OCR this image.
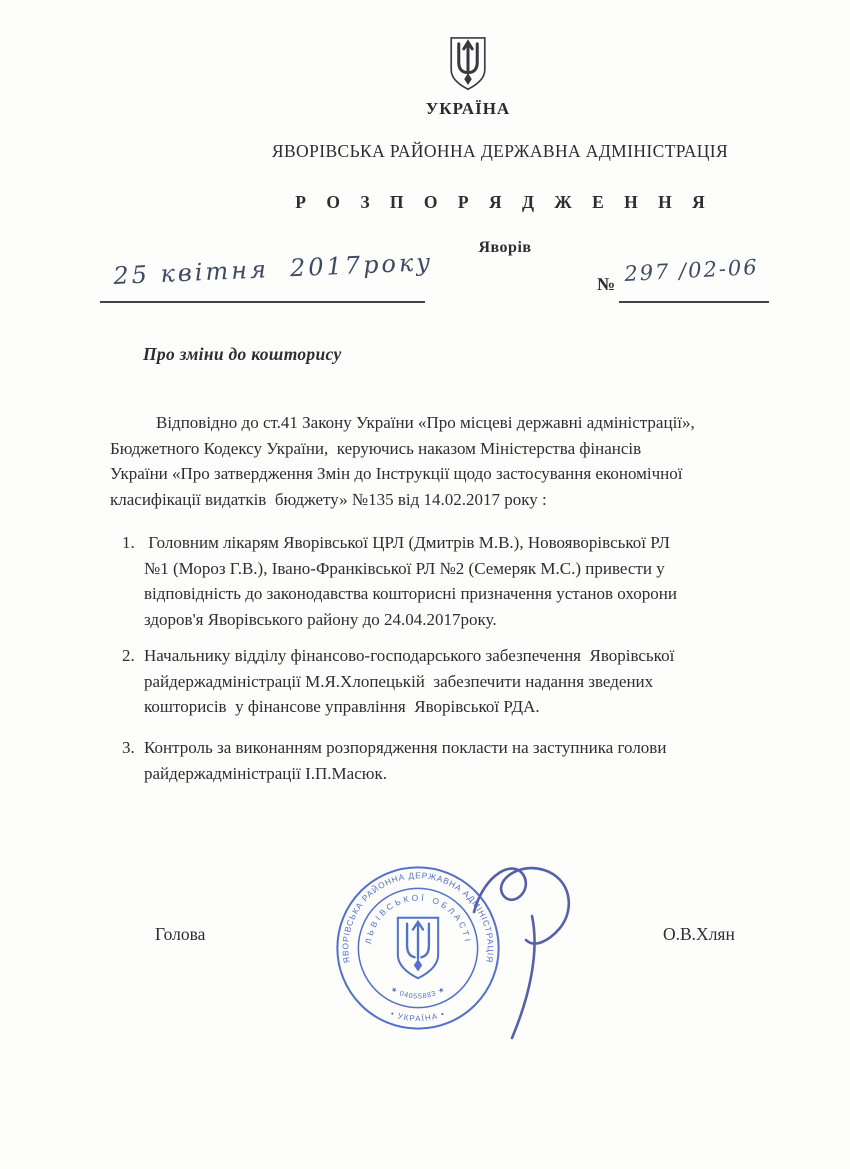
УКРАЇНА
ЯВОРІВСЬКА РАЙОННА ДЕРЖАВНА АДМІНІСТРАЦІЯ
Р О З П О Р Я Д Ж Е Н Н Я
Яворів
25 квітня  2017року	№ 297 /02-06
Про зміни до кошторису
Відповідно до ст.41 Закону України «Про місцеві державні адміністрації»,
Бюджетного Кодексу України,  керуючись наказом Міністерства фінансів
України «Про затвердження Змін до Інструкції щодо застосування економічної
класифікації видатків  бюджету» №135 від 14.02.2017 року :
1. Головним лікарям Яворівської ЦРЛ (Дмитрів М.В.), Новояворівської РЛ
№1 (Мороз Г.В.), Івано-Франківської РЛ №2 (Семеряк М.С.) привести у
відповідність до законодавства кошторисні призначення установ охорони
здоров'я Яворівського району до 24.04.2017року.
2. Начальнику відділу фінансово-господарського забезпечення  Яворівської
райдержадміністрації М.Я.Хлопецькій  забезпечити надання зведених
кошторисів  у фінансове управління  Яворівської РДА.
3. Контроль за виконанням розпорядження покласти на заступника голови
райдержадміністрації І.П.Масюк.
Голова	О.В.Хлян
ЯВОРІВСЬКА РАЙОННА ДЕРЖАВНА АДМІНІСТРАЦІЯ
• УКРАЇНА •
ЛЬВІВСЬКОЇ ОБЛАСТІ
★ 04055883 ★
